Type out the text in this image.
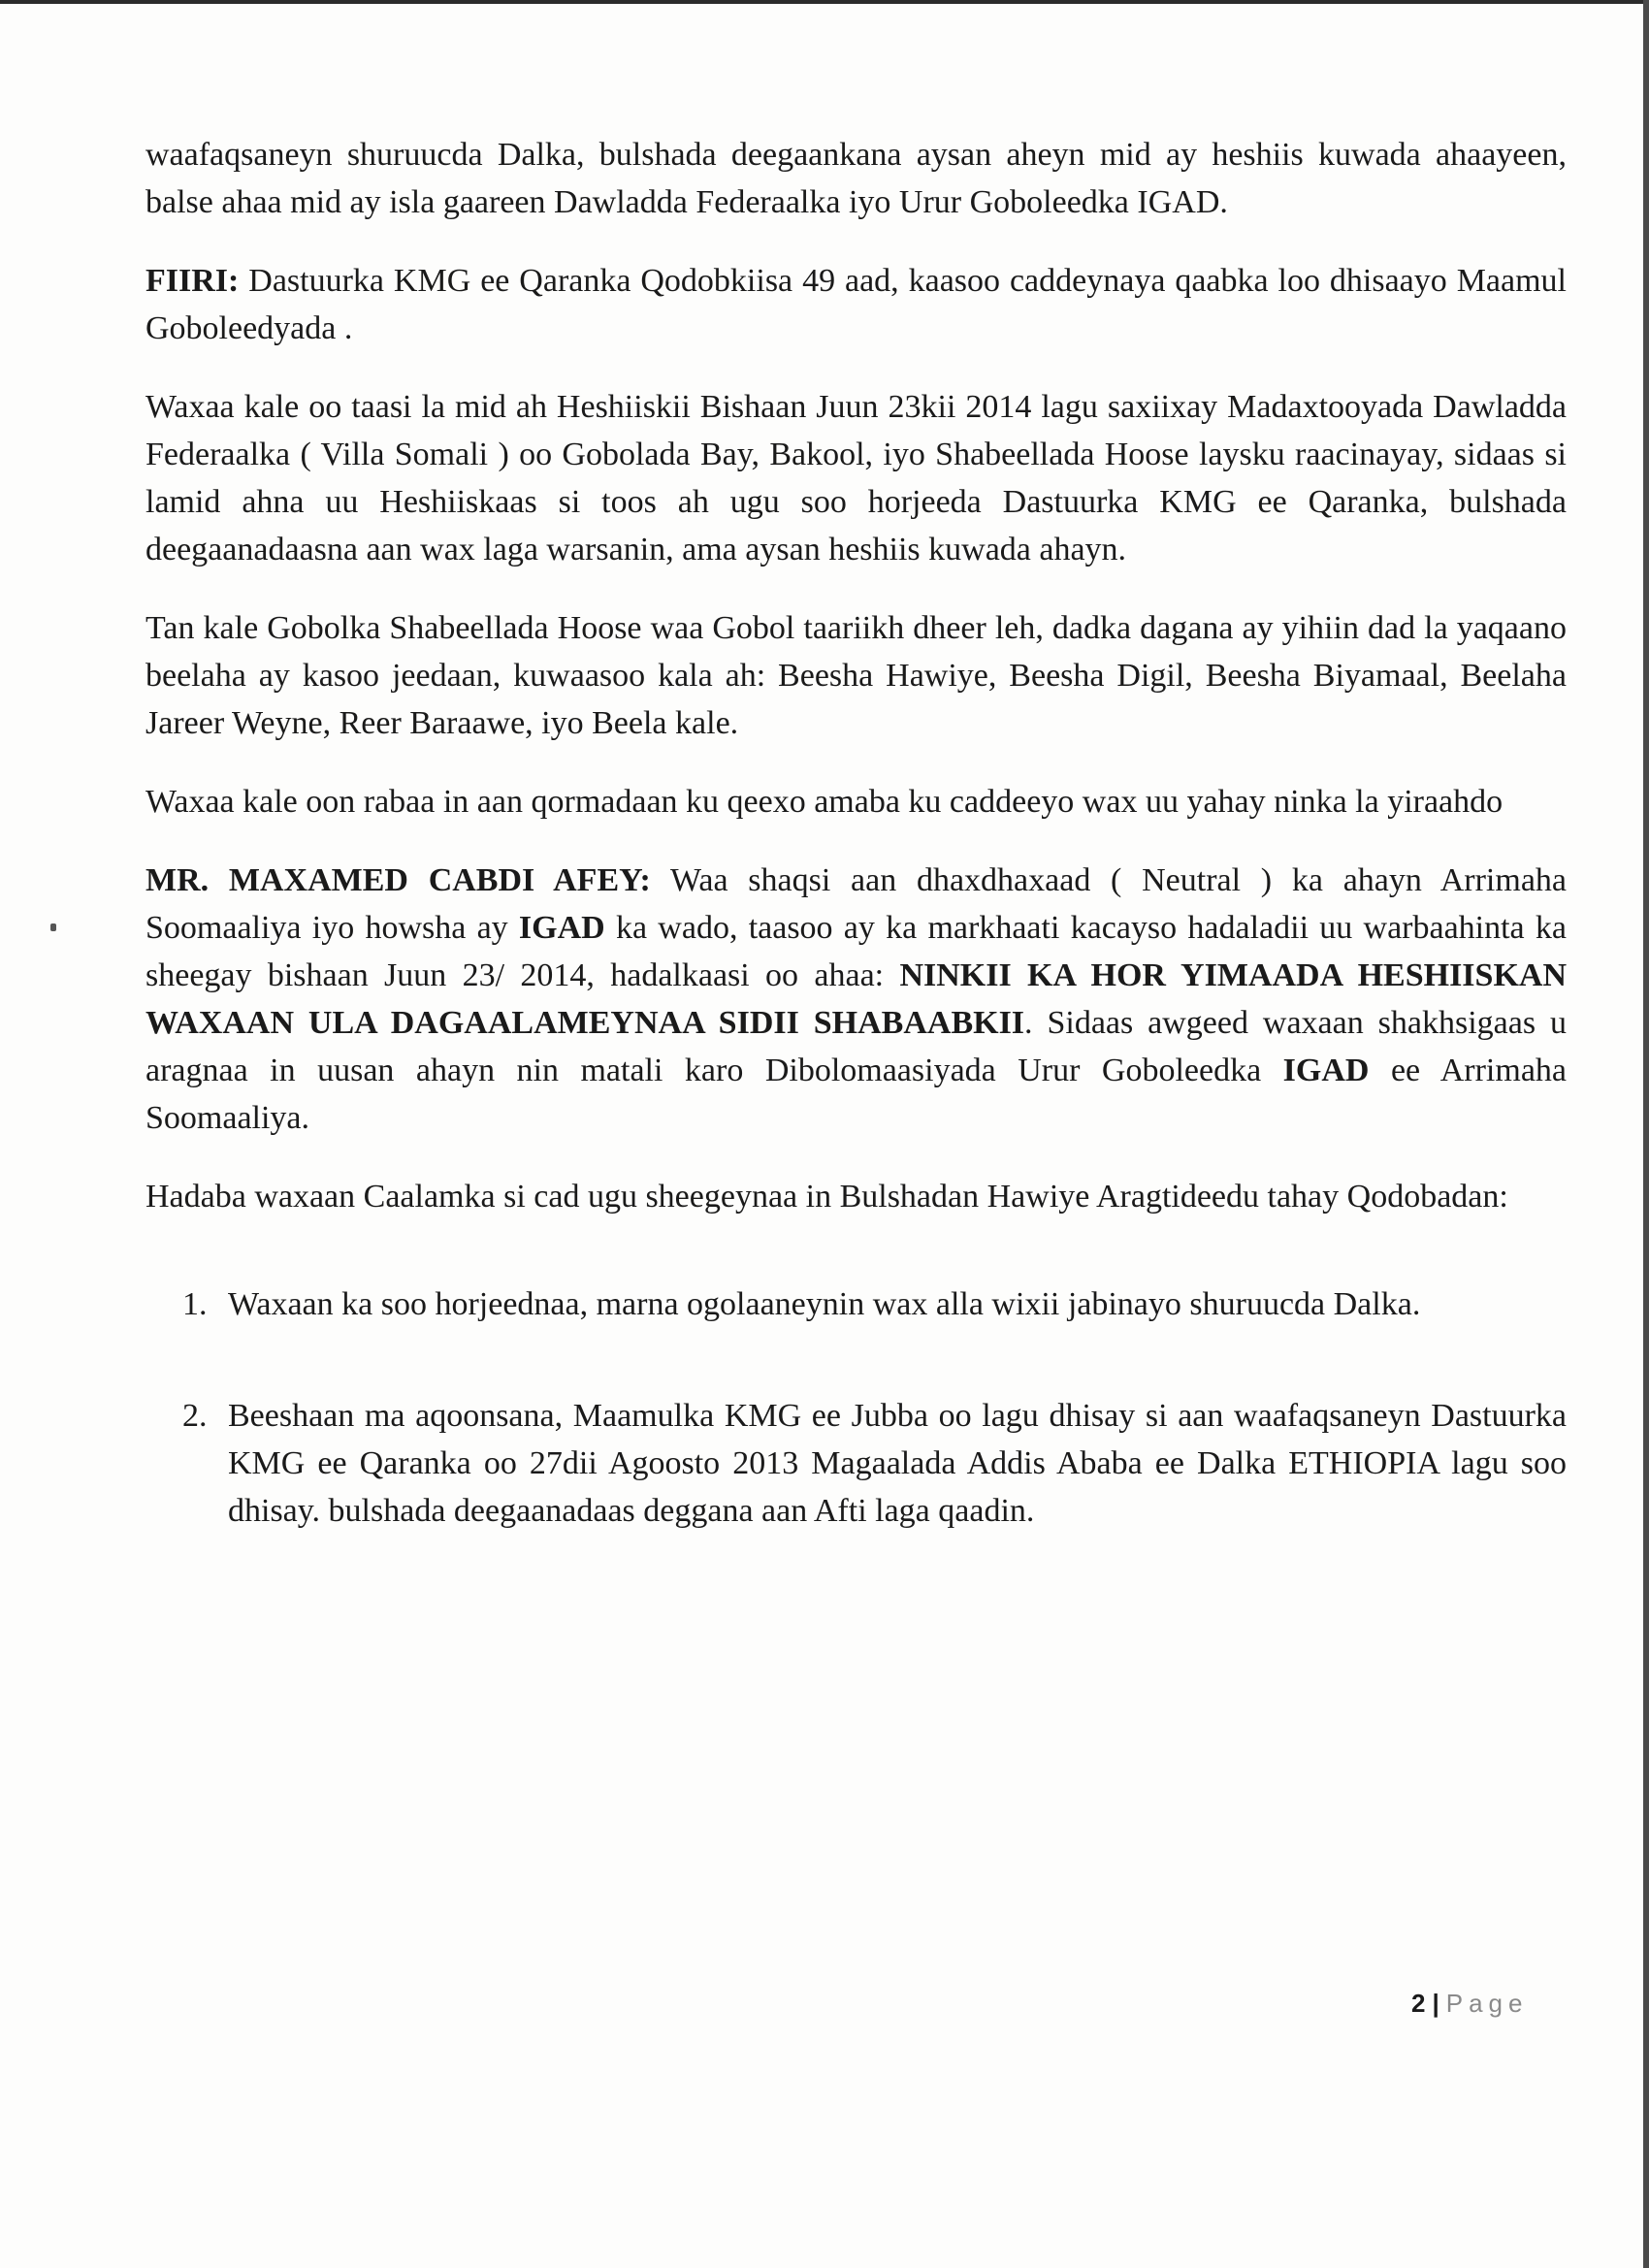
waafaqsaneyn shuruucda Dalka, bulshada deegaankana aysan aheyn mid ay heshiis kuwada ahaayeen, balse ahaa mid ay isla gaareen Dawladda Federaalka iyo Urur Goboleedka IGAD.

FIIRI: Dastuurka KMG ee Qaranka Qodobkiisa 49 aad, kaasoo caddeynaya qaabka loo dhisaayo Maamul Goboleedyada .

Waxaa kale oo taasi la mid ah Heshiiskii Bishaan Juun 23kii 2014 lagu saxiixay Madaxtooyada Dawladda Federaalka ( Villa Somali ) oo Gobolada Bay, Bakool, iyo Shabeellada Hoose laysku raacinayay, sidaas si lamid ahna uu Heshiiskaas si toos ah ugu soo horjeeda Dastuurka KMG ee Qaranka, bulshada deegaanadaasna aan wax laga warsanin, ama aysan heshiis kuwada ahayn.

Tan kale Gobolka Shabeellada Hoose waa Gobol taariikh dheer leh, dadka dagana ay yihiin dad la yaqaano beelaha ay kasoo jeedaan, kuwaasoo kala ah: Beesha Hawiye, Beesha Digil, Beesha Biyamaal, Beelaha Jareer Weyne, Reer Baraawe, iyo Beela kale.

Waxaa kale oon rabaa in aan qormadaan ku qeexo amaba ku caddeeyo wax uu yahay ninka la yiraahdo

MR. MAXAMED CABDI AFEY: Waa shaqsi aan dhaxdhaxaad ( Neutral ) ka ahayn Arrimaha Soomaaliya iyo howsha ay IGAD ka wado, taasoo ay ka markhaati kacayso hadaladii uu warbaahinta ka sheegay bishaan Juun 23/ 2014, hadalkaasi oo ahaa: NINKII KA HOR YIMAADA HESHIISKAN WAXAAN ULA DAGAALAMEYNAA SIDII SHABAABKII. Sidaas awgeed waxaan shakhsigaas u aragnaa in uusan ahayn nin matali karo Dibolomaasiyada Urur Goboleedka IGAD ee Arrimaha Soomaaliya.

Hadaba waxaan Caalamka si cad ugu sheegeynaa in Bulshadan Hawiye Aragtideedu tahay Qodobadan:

1. Waxaan ka soo horjeednaa, marna ogolaaneynin wax alla wixii jabinayo shuruucda Dalka.
2. Beeshaan ma aqoonsana, Maamulka KMG ee Jubba oo lagu dhisay si aan waafaqsaneyn Dastuurka KMG ee Qaranka oo 27dii Agoosto 2013 Magaalada Addis Ababa ee Dalka ETHIOPIA lagu soo dhisay. bulshada deegaanadaas deggana aan Afti laga qaadin.
2 | Page
